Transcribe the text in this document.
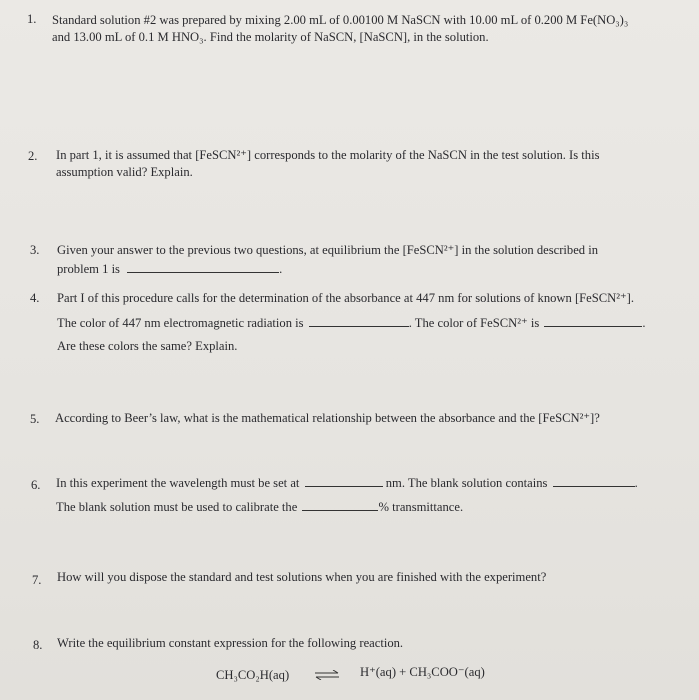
1. Standard solution #2 was prepared by mixing 2.00 mL of 0.00100 M NaSCN with 10.00 mL of 0.200 M Fe(NO₃)₃
and 13.00 mL of 0.1 M HNO₃. Find the molarity of NaSCN, [NaSCN], in the solution.
2. In part 1, it is assumed that [FeSCN²⁺] corresponds to the molarity of the NaSCN in the test solution. Is this
assumption valid? Explain.
3. Given your answer to the previous two questions, at equilibrium the [FeSCN²⁺] in the solution described in
problem 1 is	.
4. Part I of this procedure calls for the determination of the absorbance at 447 nm for solutions of known [FeSCN²⁺].
The color of 447 nm electromagnetic radiation is	. The color of FeSCN²⁺ is	.
Are these colors the same? Explain.
5. According to Beer’s law, what is the mathematical relationship between the absorbance and the [FeSCN²⁺]?
6. In this experiment the wavelength must be set at	nm. The blank solution contains	.
The blank solution must be used to calibrate the	% transmittance.
7. How will you dispose the standard and test solutions when you are finished with the experiment?
8. Write the equilibrium constant expression for the following reaction.
CH₃CO₂H(aq) ⇌ H⁺(aq) + CH₃COO⁻(aq)
